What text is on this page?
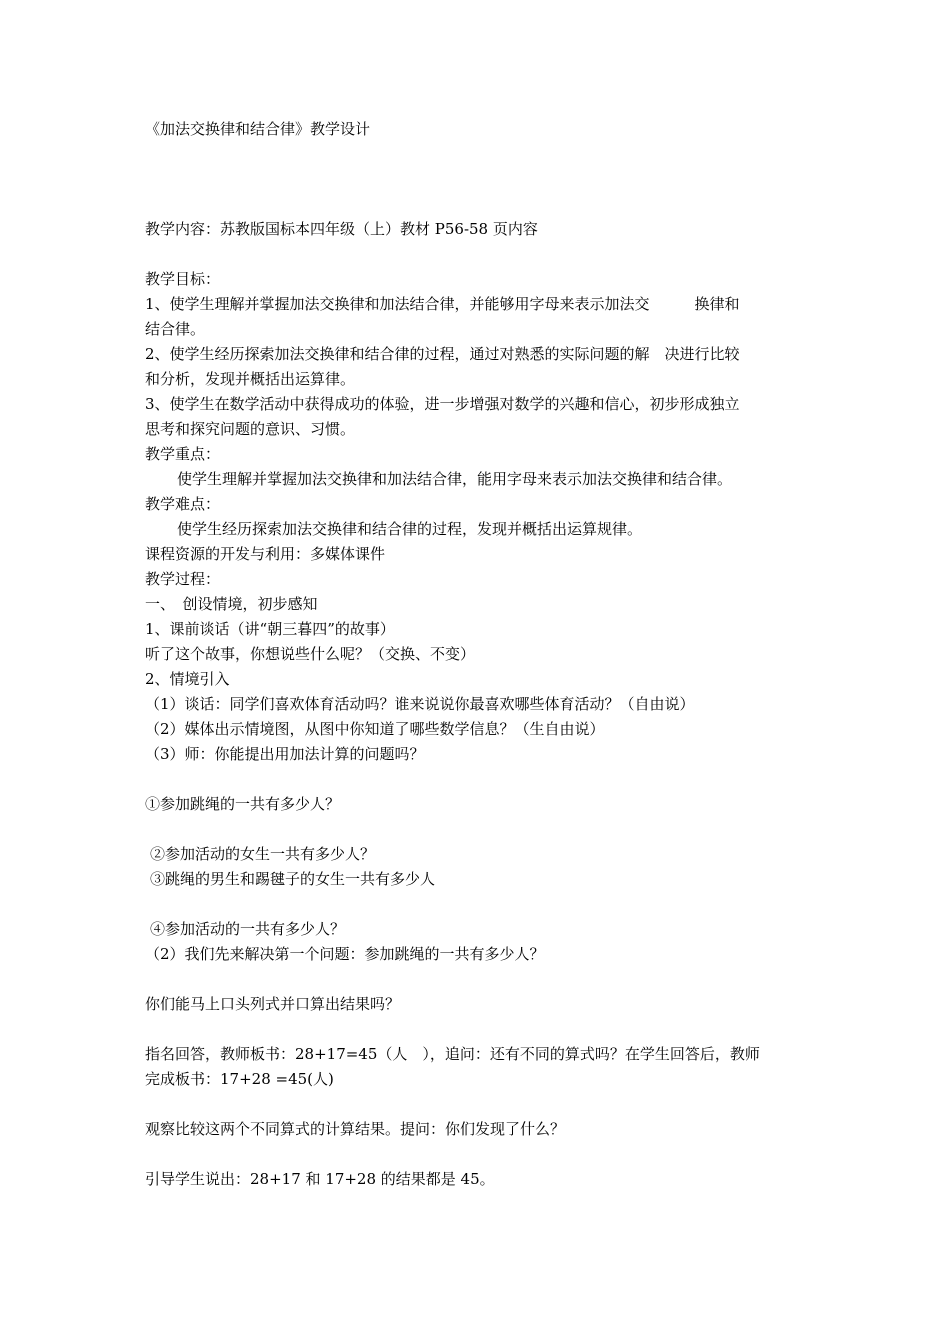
《加法交换律和结合律》教学设计
教学内容：苏教版国标本四年级（上）教材 P56-58 页内容
教学目标：
1、使学生理解并掌握加法交换律和加法结合律，并能够用字母来表示加法交　　　换律和
结合律。
2、使学生经历探索加法交换律和结合律的过程，通过对熟悉的实际问题的解　决进行比较
和分析，发现并概括出运算律。
3、使学生在数学活动中获得成功的体验，进一步增强对数学的兴趣和信心，初步形成独立
思考和探究问题的意识、习惯。
教学重点：
使学生理解并掌握加法交换律和加法结合律，能用字母来表示加法交换律和结合律。
教学难点：
使学生经历探索加法交换律和结合律的过程，发现并概括出运算规律。
课程资源的开发与利用：多媒体课件
教学过程：
一、　创设情境，初步感知
1、课前谈话（讲“朝三暮四”的故事）
听了这个故事，你想说些什么呢？（交换、不变）
2、情境引入
（1）谈话：同学们喜欢体育活动吗？谁来说说你最喜欢哪些体育活动？（自由说）
（2）媒体出示情境图，从图中你知道了哪些数学信息？（生自由说）
（3）师：你能提出用加法计算的问题吗？
①参加跳绳的一共有多少人？
②参加活动的女生一共有多少人？
③跳绳的男生和踢毽子的女生一共有多少人
④参加活动的一共有多少人？
（2）我们先来解决第一个问题：参加跳绳的一共有多少人？
你们能马上口头列式并口算出结果吗？
指名回答，教师板书：28+17=45（人　），追问：还有不同的算式吗？在学生回答后，教师
完成板书：17+28 =45(人)
观察比较这两个不同算式的计算结果。提问：你们发现了什么？
引导学生说出：28+17 和 17+28 的结果都是 45。
